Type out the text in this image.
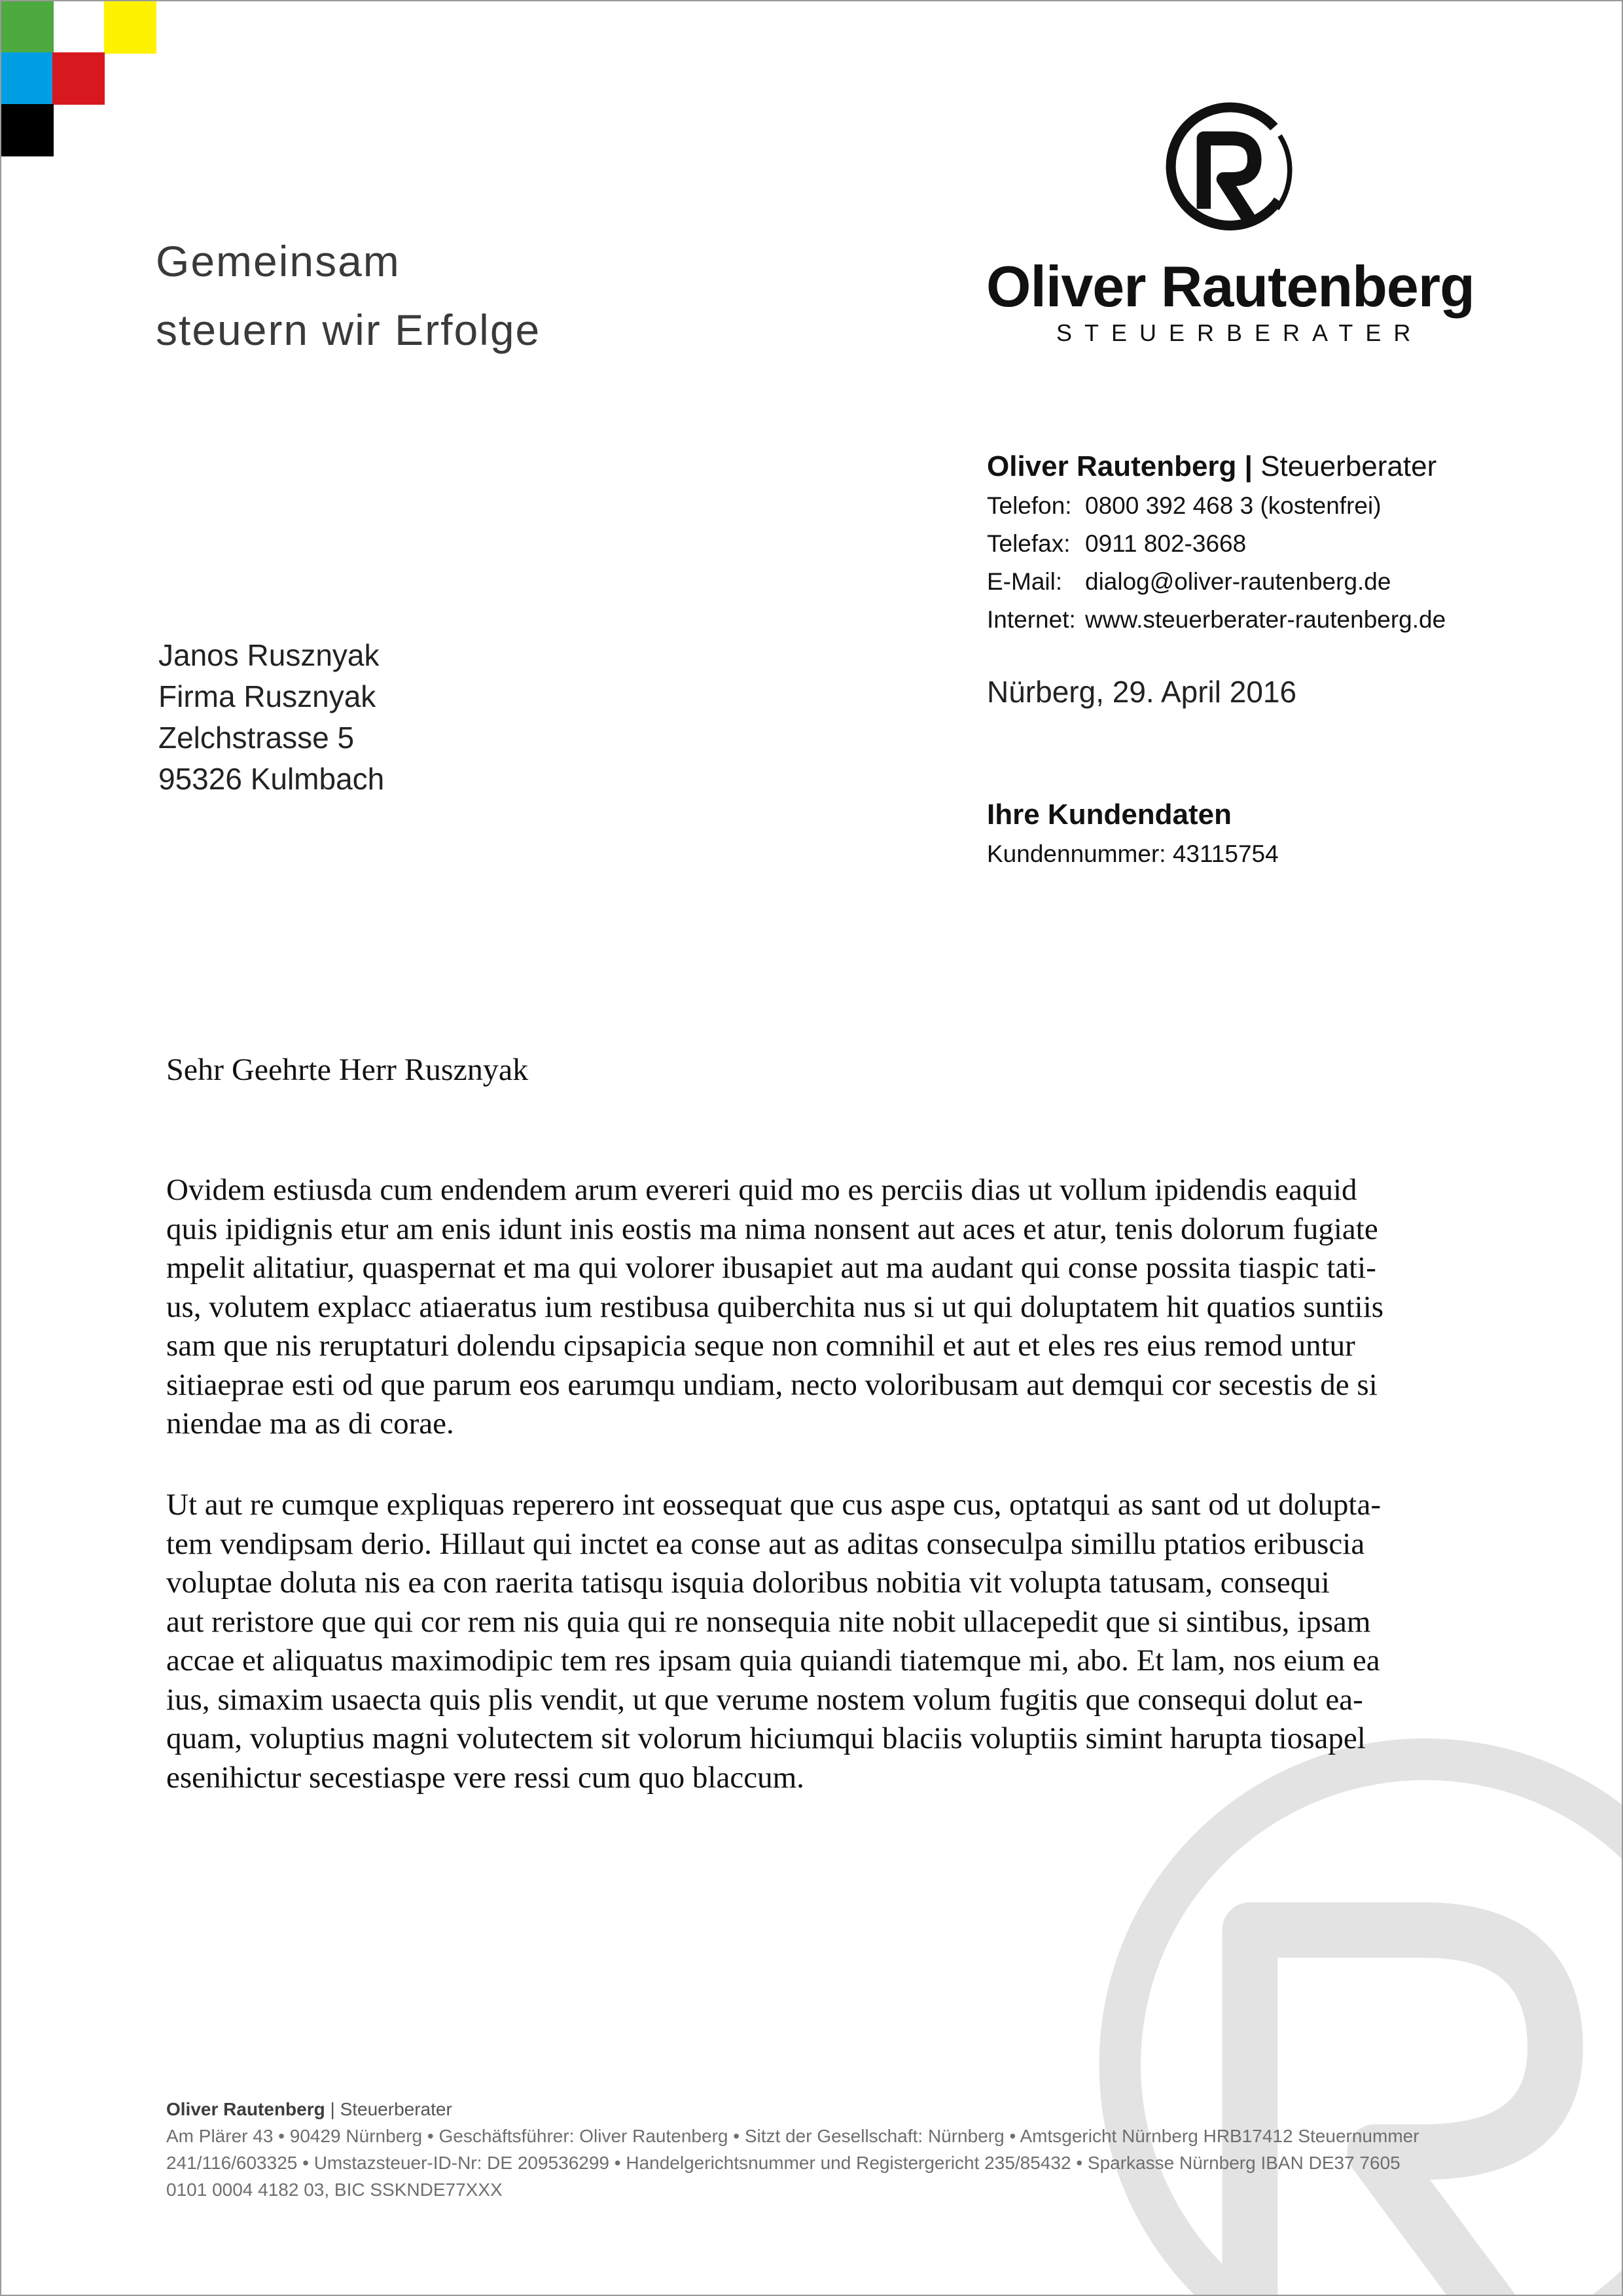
Gemeinsam
steuern wir Erfolge
Oliver Rautenberg
STEUERBERATER
Oliver Rautenberg | Steuerberater
Telefon: 0800 392 468 3 (kostenfrei)
Telefax: 0911 802-3668
E-Mail: dialog@oliver-rautenberg.de
Internet: www.steuerberater-rautenberg.de
Nürberg, 29. April 2016
Ihre Kundendaten
Kundennummer: 43115754
Janos Rusznyak
Firma Rusznyak
Zelchstrasse 5
95326 Kulmbach
Sehr Geehrte Herr Rusznyak
Ovidem estiusda cum endendem arum evereri quid mo es perciis dias ut vollum ipidendis eaquid
quis ipidignis etur am enis idunt inis eostis ma nima nonsent aut aces et atur, tenis dolorum fugiate
mpelit alitatiur, quaspernat et ma qui volorer ibusapiet aut ma audant qui conse possita tiaspic tati-
us, volutem explacc atiaeratus ium restibusa quiberchita nus si ut qui doluptatem hit quatios suntiis
sam que nis reruptaturi dolendu cipsapicia seque non comnihil et aut et eles res eius remod untur
sitiaeprae esti od que parum eos earumqu undiam, necto voloribusam aut demqui cor secestis de si
niendae ma as di corae.
Ut aut re cumque expliquas reperero int eossequat que cus aspe cus, optatqui as sant od ut dolupta-
tem vendipsam derio. Hillaut qui inctet ea conse aut as aditas conseculpa simillu ptatios eribuscia
voluptae doluta nis ea con raerita tatisqu isquia doloribus nobitia vit volupta tatusam, consequi
aut reristore que qui cor rem nis quia qui re nonsequia nite nobit ullacepedit que si sintibus, ipsam
accae et aliquatus maximodipic tem res ipsam quia quiandi tiatemque mi, abo. Et lam, nos eium ea
ius, simaxim usaecta quis plis vendit, ut que verume nostem volum fugitis que consequi dolut ea-
quam, voluptius magni volutectem sit volorum hiciumqui blaciis voluptiis simint harupta tiosapel
esenihictur secestiaspe vere ressi cum quo blaccum.
Oliver Rautenberg | Steuerberater
Am Plärer 43 • 90429 Nürnberg • Geschäftsführer: Oliver Rautenberg • Sitzt der Gesellschaft: Nürnberg • Amtsgericht Nürnberg HRB17412 Steuernummer
241/116/603325 • Umstazsteuer-ID-Nr: DE 209536299 • Handelgerichtsnummer und Registergericht 235/85432 • Sparkasse Nürnberg IBAN DE37 7605
0101 0004 4182 03, BIC SSKNDE77XXX
